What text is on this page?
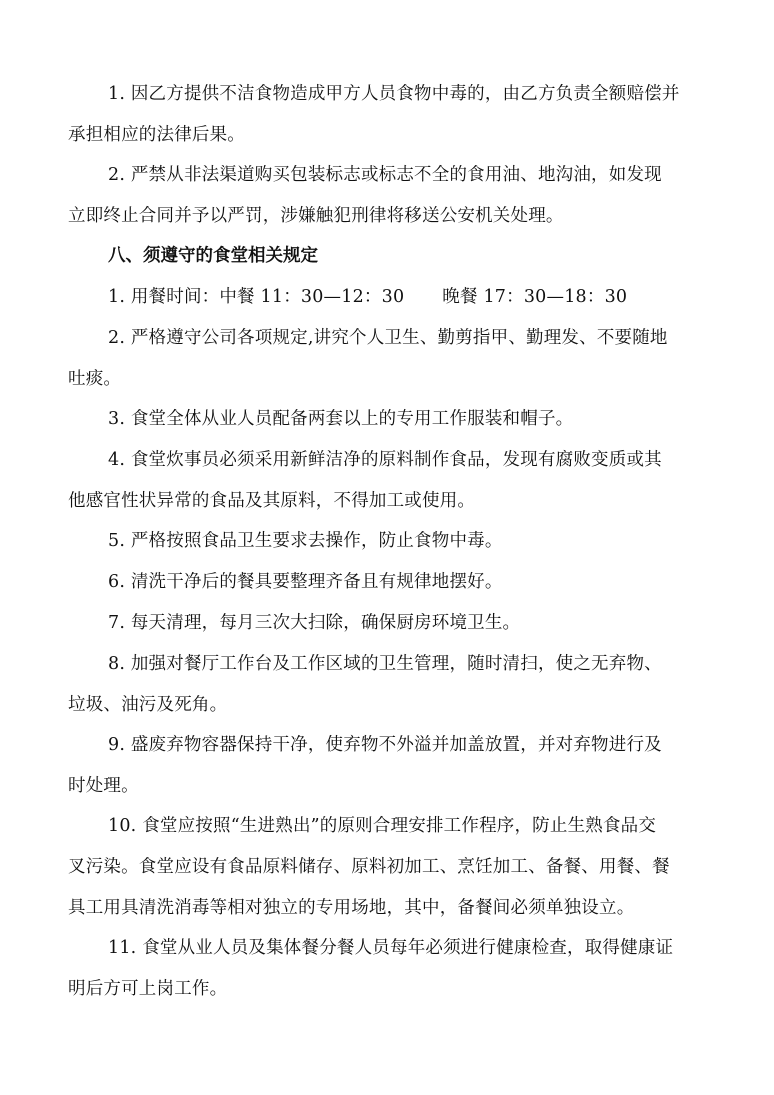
1. 因乙方提供不洁食物造成甲方人员食物中毒的，由乙方负责全额赔偿并
承担相应的法律后果。
2. 严禁从非法渠道购买包装标志或标志不全的食用油、地沟油，如发现
立即终止合同并予以严罚，涉嫌触犯刑律将移送公安机关处理。
八、须遵守的食堂相关规定
1. 用餐时间：中餐 11：30—12：30 晚餐 17：30—18：30
2. 严格遵守公司各项规定,讲究个人卫生、勤剪指甲、勤理发、不要随地
吐痰。
3. 食堂全体从业人员配备两套以上的专用工作服装和帽子。
4. 食堂炊事员必须采用新鲜洁净的原料制作食品，发现有腐败变质或其
他感官性状异常的食品及其原料，不得加工或使用。
5. 严格按照食品卫生要求去操作，防止食物中毒。
6. 清洗干净后的餐具要整理齐备且有规律地摆好。
7. 每天清理，每月三次大扫除，确保厨房环境卫生。
8. 加强对餐厅工作台及工作区域的卫生管理，随时清扫，使之无弃物、
垃圾、油污及死角。
9. 盛废弃物容器保持干净，使弃物不外溢并加盖放置，并对弃物进行及
时处理。
10. 食堂应按照“生进熟出”的原则合理安排工作程序，防止生熟食品交
叉污染。食堂应设有食品原料储存、原料初加工、烹饪加工、备餐、用餐、餐
具工用具清洗消毒等相对独立的专用场地，其中，备餐间必须单独设立。
11. 食堂从业人员及集体餐分餐人员每年必须进行健康检查，取得健康证
明后方可上岗工作。
